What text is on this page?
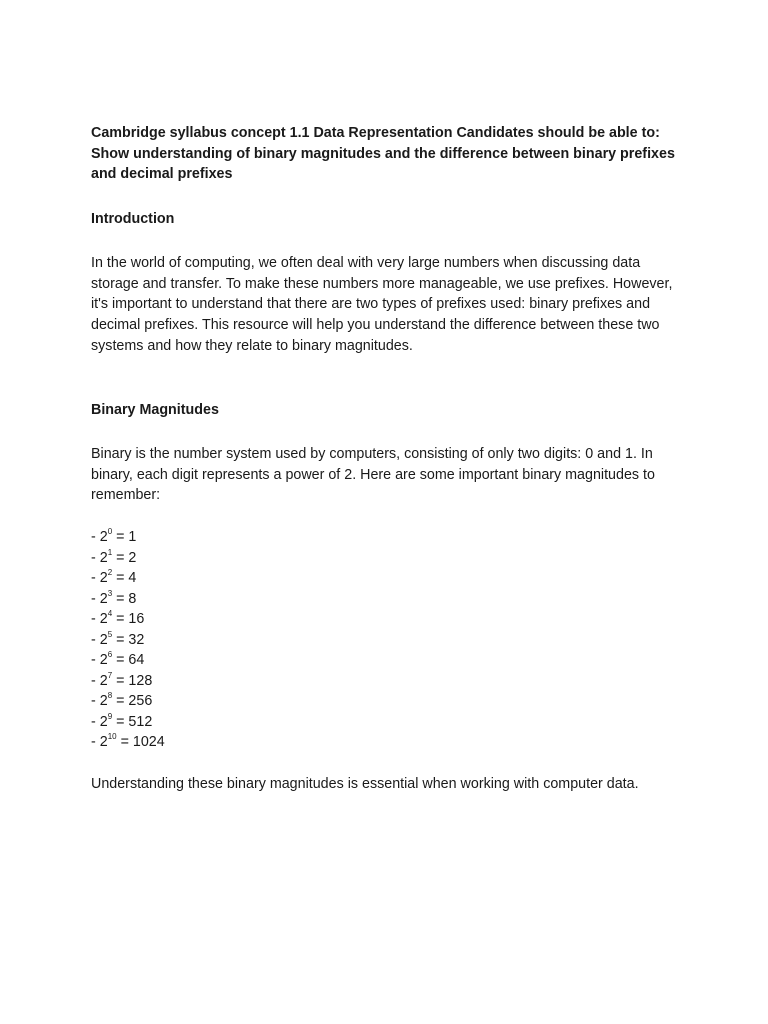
Cambridge syllabus concept 1.1 Data Representation Candidates should be able to: Show understanding of binary magnitudes and the difference between binary prefixes and decimal prefixes

Introduction

In the world of computing, we often deal with very large numbers when discussing data storage and transfer. To make these numbers more manageable, we use prefixes. However, it's important to understand that there are two types of prefixes used: binary prefixes and decimal prefixes. This resource will help you understand the difference between these two systems and how they relate to binary magnitudes.

Binary Magnitudes

Binary is the number system used by computers, consisting of only two digits: 0 and 1. In binary, each digit represents a power of 2. Here are some important binary magnitudes to remember:

- $2^0 = 1$
- $2^1 = 2$
- $2^2 = 4$
- $2^3 = 8$
- $2^4 = 16$
- $2^5 = 32$
- $2^6 = 64$
- $2^7 = 128$
- $2^8 = 256$
- $2^9 = 512$
- $2^{10} = 1024$

Understanding these binary magnitudes is essential when working with computer data.
